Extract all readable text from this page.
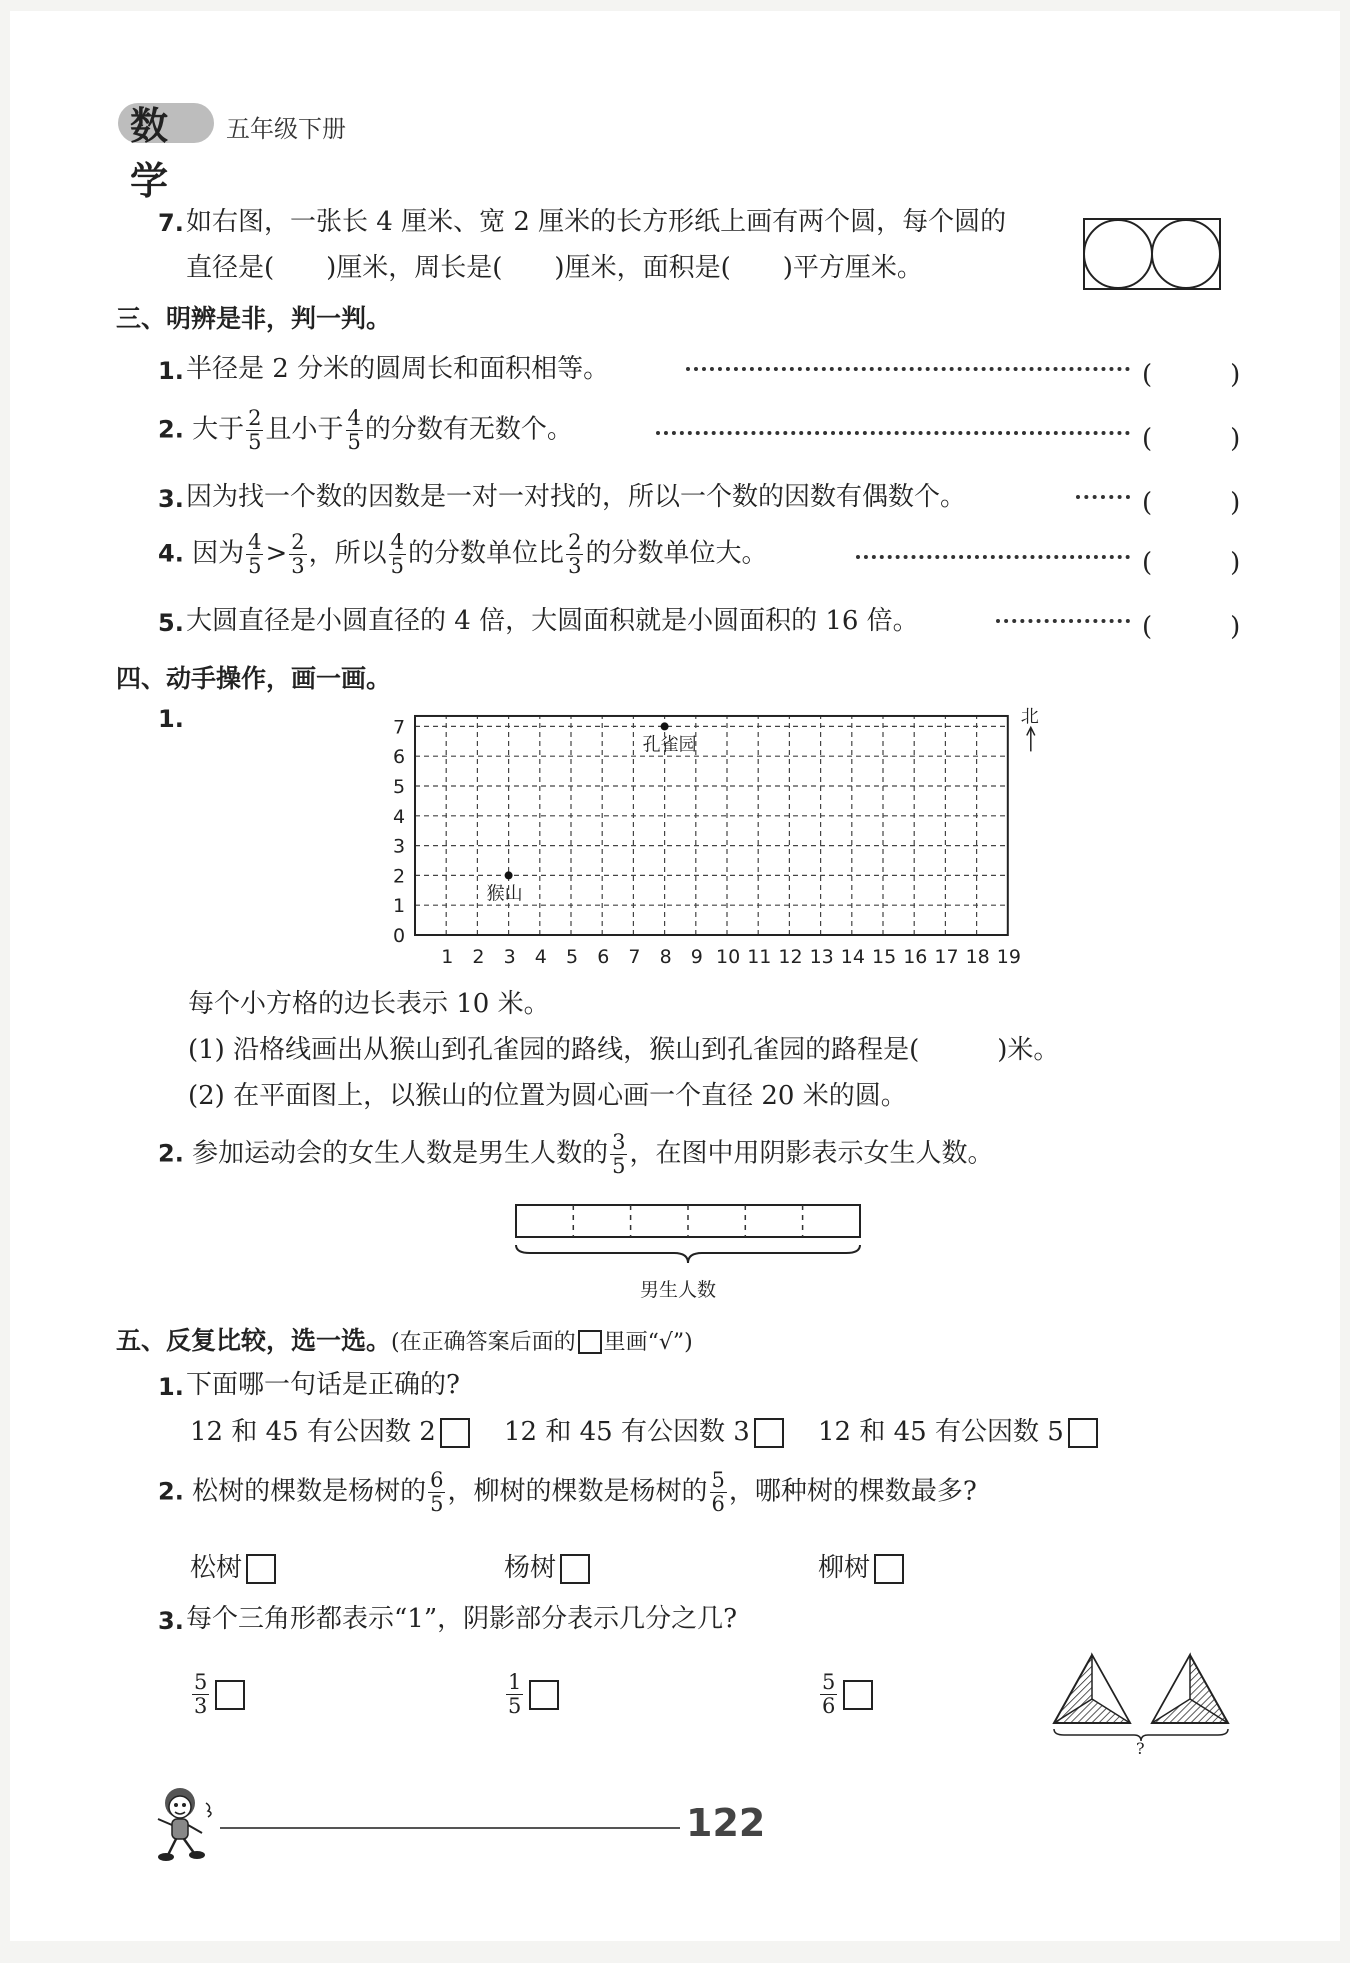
数学
五年级下册
7. 如右图，一张长 4 厘米、宽 2 厘米的长方形纸上画有两个圆，每个圆的
直径是(　　)厘米，周长是(　　)厘米，面积是(　　)平方厘米。
三、明辨是非，判一判。
1. 半径是 2 分米的圆周长和面积相等。	(　　　)
2. 大于 $\frac{2}{5}$ 且小于 $\frac{4}{5}$ 的分数有无数个。	(　　　)
3. 因为找一个数的因数是一对一对找的，所以一个数的因数有偶数个。	(　　　)
4. 因为 $\frac{4}{5} > \frac{2}{3}$ ，所以 $\frac{4}{5}$ 的分数单位比 $\frac{2}{3}$ 的分数单位大。	(　　　)
5. 大圆直径是小圆直径的 4 倍，大圆面积就是小圆面积的 16 倍。	(　　　)
四、动手操作，画一画。
1.
1 2 3 4 5 6 7 8 9 10 11 12 13 14 15 16 17 18 19
0
1
2
3
4
5
6
7
孔雀园
猴山
北
每个小方格的边长表示 10 米。
(1) 沿格线画出从猴山到孔雀园的路线，猴山到孔雀园的路程是(　　　)米。
(2) 在平面图上，以猴山的位置为圆心画一个直径 20 米的圆。
2. 参加运动会的女生人数是男生人数的 $\frac{3}{5}$ ，在图中用阴影表示女生人数。
男生人数
五、反复比较，选一选。(在正确答案后面的 里画“√”)
1. 下面哪一句话是正确的?
12 和 45 有公因数 2	12 和 45 有公因数 3	12 和 45 有公因数 5
2. 松树的棵数是杨树的 $\frac{6}{5}$ ，柳树的棵数是杨树的 $\frac{5}{6}$ ，哪种树的棵数最多?
松树	杨树	柳树
3. 每个三角形都表示“1”，阴影部分表示几分之几?
$\frac{5}{3}$	$\frac{1}{5}$	$\frac{5}{6}$
?
122
